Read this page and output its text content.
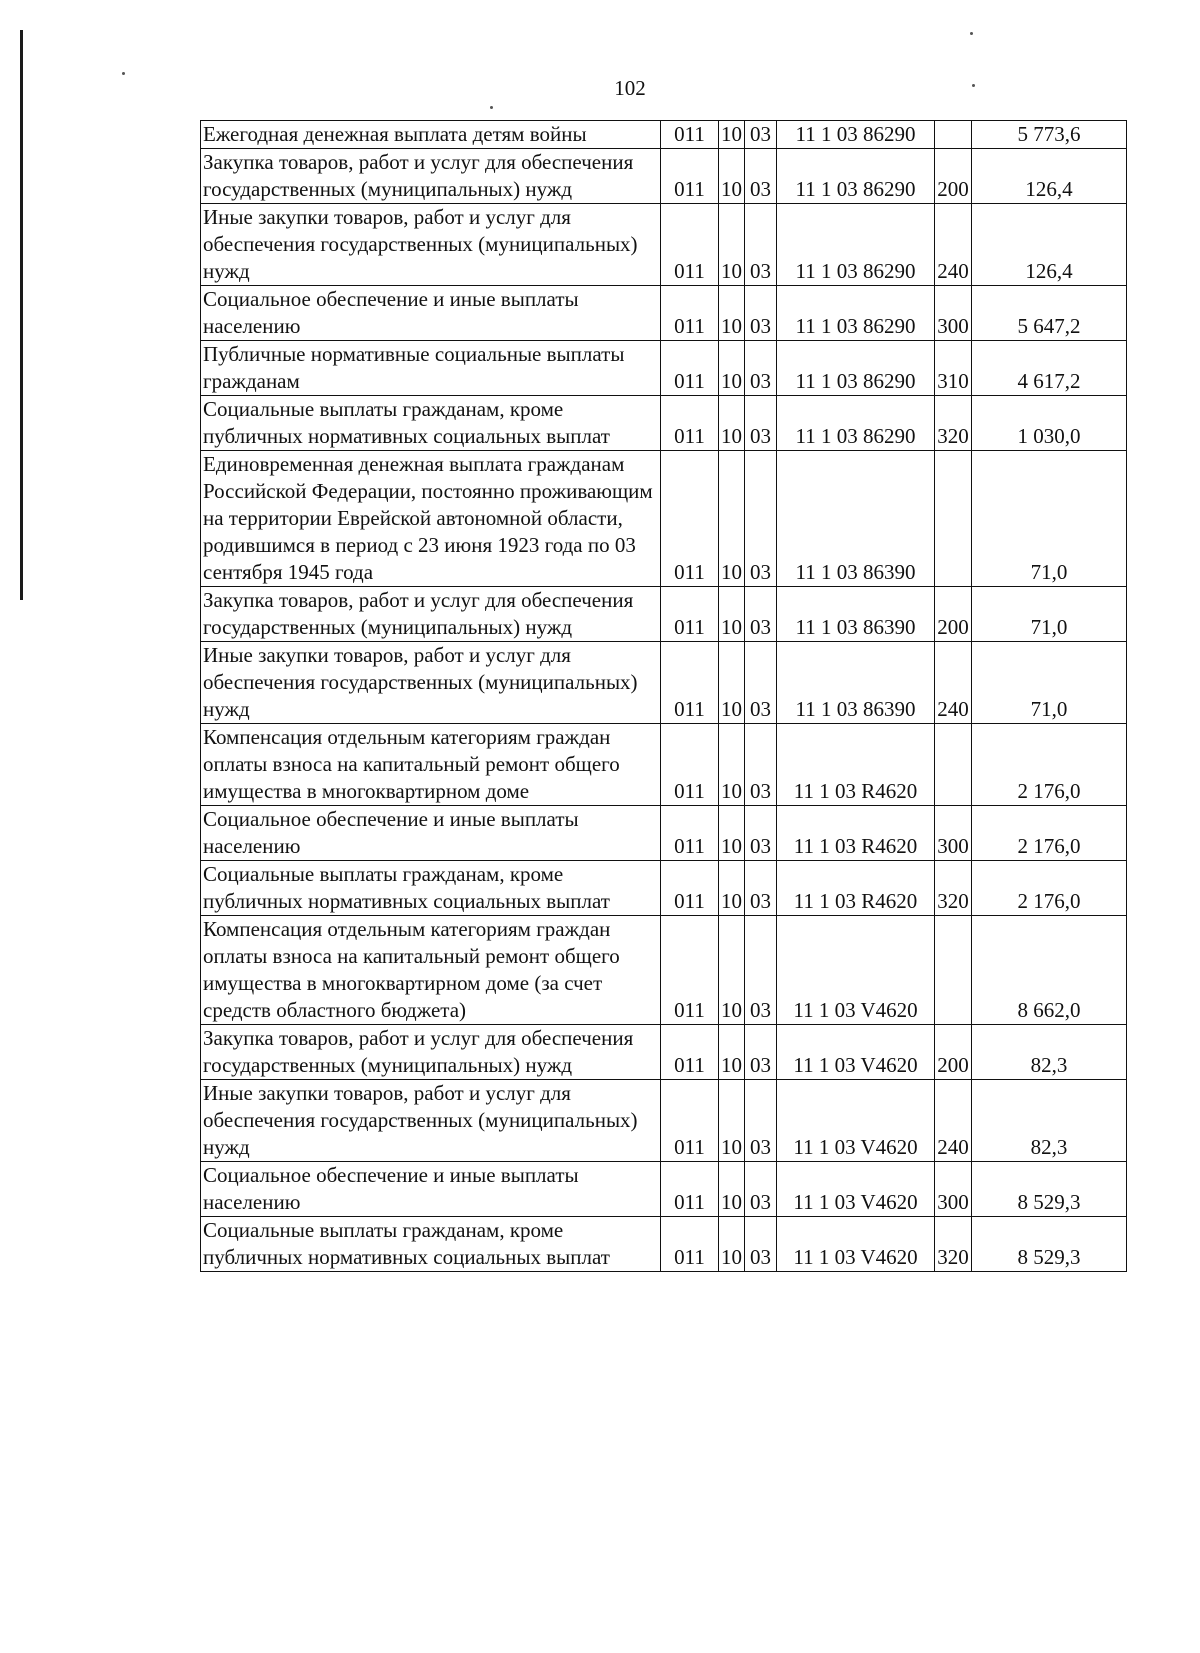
102
Ежегодная денежная выплата детям войны	011	10	03	11 1 03 86290		5 773,6
Закупка товаров, работ и услуг для обеспечения государственных (муниципальных) нужд	011	10	03	11 1 03 86290	200	126,4
Иные закупки товаров, работ и услуг для обеспечения государственных (муниципальных) нужд	011	10	03	11 1 03 86290	240	126,4
Социальное обеспечение и иные выплаты населению	011	10	03	11 1 03 86290	300	5 647,2
Публичные нормативные социальные выплаты гражданам	011	10	03	11 1 03 86290	310	4 617,2
Социальные выплаты гражданам, кроме публичных нормативных социальных выплат	011	10	03	11 1 03 86290	320	1 030,0
Единовременная денежная выплата гражданам Российской Федерации, постоянно проживающим на территории Еврейской автономной области, родившимся в период с 23 июня 1923 года по 03 сентября 1945 года	011	10	03	11 1 03 86390		71,0
Закупка товаров, работ и услуг для обеспечения государственных (муниципальных) нужд	011	10	03	11 1 03 86390	200	71,0
Иные закупки товаров, работ и услуг для обеспечения государственных (муниципальных) нужд	011	10	03	11 1 03 86390	240	71,0
Компенсация отдельным категориям граждан оплаты взноса на капитальный ремонт общего имущества в многоквартирном доме	011	10	03	11 1 03 R4620		2 176,0
Социальное обеспечение и иные выплаты населению	011	10	03	11 1 03 R4620	300	2 176,0
Социальные выплаты гражданам, кроме публичных нормативных социальных выплат	011	10	03	11 1 03 R4620	320	2 176,0
Компенсация отдельным категориям граждан оплаты взноса на капитальный ремонт общего имущества в многоквартирном доме (за счет средств областного бюджета)	011	10	03	11 1 03 V4620		8 662,0
Закупка товаров, работ и услуг для обеспечения государственных (муниципальных) нужд	011	10	03	11 1 03 V4620	200	82,3
Иные закупки товаров, работ и услуг для обеспечения государственных (муниципальных) нужд	011	10	03	11 1 03 V4620	240	82,3
Социальное обеспечение и иные выплаты населению	011	10	03	11 1 03 V4620	300	8 529,3
Социальные выплаты гражданам, кроме публичных нормативных социальных выплат	011	10	03	11 1 03 V4620	320	8 529,3
